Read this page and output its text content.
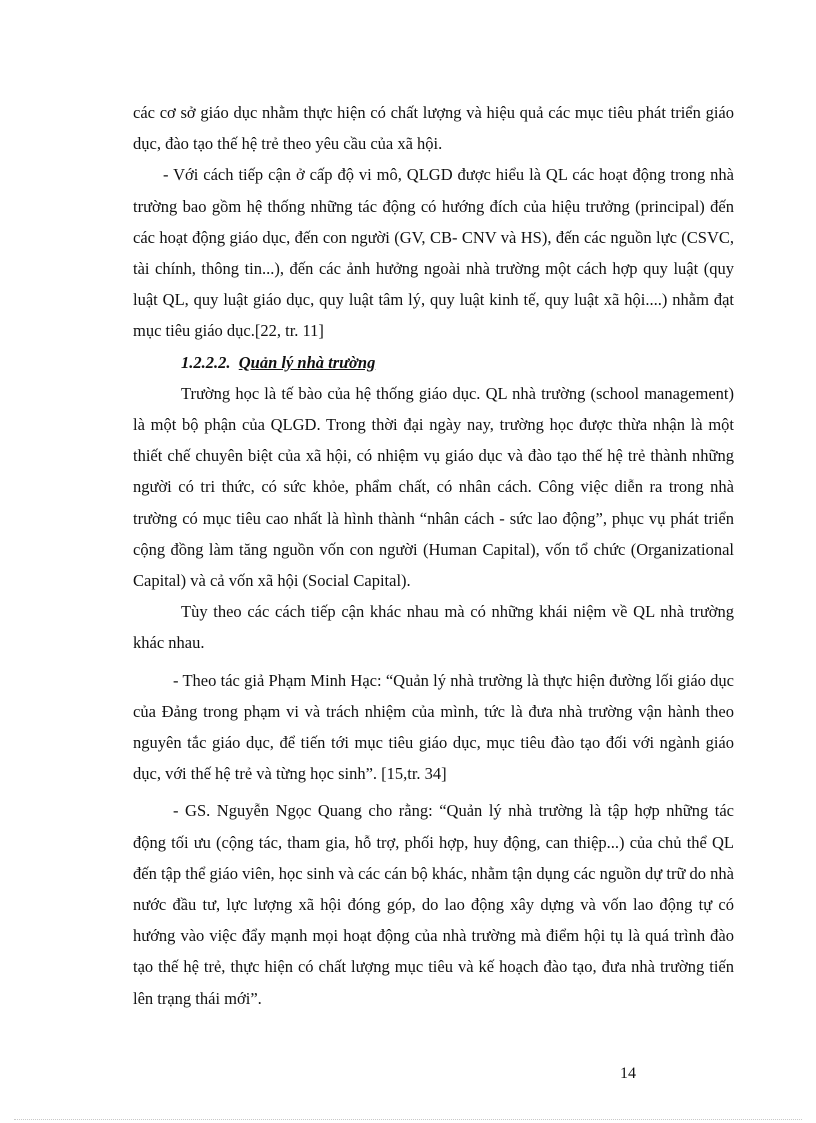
các cơ sở giáo dục nhằm thực hiện có chất lượng và hiệu quả các mục tiêu phát triển giáo dục, đào tạo thế hệ trẻ theo yêu cầu của xã hội.

- Với cách tiếp cận ở cấp độ vi mô, QLGD được hiểu là QL các hoạt động trong nhà trường bao gồm hệ thống những tác động có hướng đích của hiệu trưởng (principal) đến các hoạt động giáo dục, đến con người (GV, CB- CNV và HS), đến các nguồn lực (CSVC, tài chính, thông tin...), đến các ảnh hưởng ngoài nhà trường một cách hợp quy luật (quy luật QL, quy luật giáo dục, quy luật tâm lý, quy luật kinh tế, quy luật xã hội....) nhằm đạt mục tiêu giáo dục.[22, tr. 11]

1.2.2.2. Quản lý nhà trường

Trường học là tế bào của hệ thống giáo dục. QL nhà trường (school management) là một bộ phận của QLGD. Trong thời đại ngày nay, trường học được thừa nhận là một thiết chế chuyên biệt của xã hội, có nhiệm vụ giáo dục và đào tạo thế hệ trẻ thành những người có tri thức, có sức khỏe, phẩm chất, có nhân cách. Công việc diễn ra trong nhà trường có mục tiêu cao nhất là hình thành “nhân cách - sức lao động”, phục vụ phát triển cộng đồng làm tăng nguồn vốn con người (Human Capital), vốn tổ chức (Organizational Capital) và cả vốn xã hội (Social Capital).

Tùy theo các cách tiếp cận khác nhau mà có những khái niệm về QL nhà trường khác nhau.

- Theo tác giả Phạm Minh Hạc: “Quản lý nhà trường là thực hiện đường lối giáo dục của Đảng trong phạm vi và trách nhiệm của mình, tức là đưa nhà trường vận hành theo nguyên tắc giáo dục, để tiến tới mục tiêu giáo dục, mục tiêu đào tạo đối với ngành giáo dục, với thế hệ trẻ và từng học sinh”. [15,tr. 34]

- GS. Nguyễn Ngọc Quang cho rằng: “Quản lý nhà trường là tập hợp những tác động tối ưu (cộng tác, tham gia, hỗ trợ, phối hợp, huy động, can thiệp...) của chủ thể QL đến tập thể giáo viên, học sinh và các cán bộ khác, nhằm tận dụng các nguồn dự trữ do nhà nước đầu tư, lực lượng xã hội đóng góp, do lao động xây dựng và vốn lao động tự có hướng vào việc đẩy mạnh mọi hoạt động của nhà trường mà điểm hội tụ là quá trình đào tạo thế hệ trẻ, thực hiện có chất lượng mục tiêu và kế hoạch đào tạo, đưa nhà trường tiến lên trạng thái mới”.

14
